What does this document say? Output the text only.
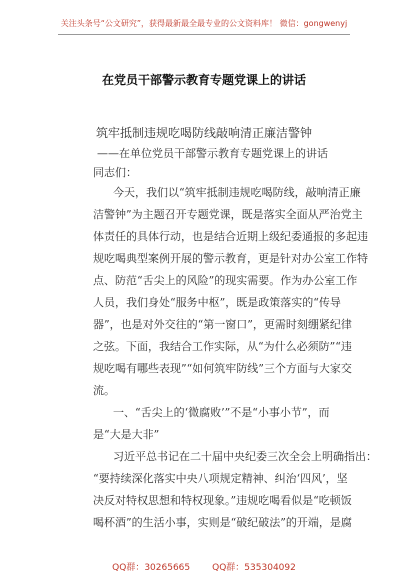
关注头条号“公文研究”，获得最新最全最专业的公文资料库！ 微信：gongwenyj
在党员干部警示教育专题党课上的讲话
筑牢抵制违规吃喝防线敲响清正廉洁警钟
——在单位党员干部警示教育专题党课上的讲话
同志们：
今天，我们以“筑牢抵制违规吃喝防线，敲响清正廉
洁警钟”为主题召开专题党课，既是落实全面从严治党主
体责任的具体行动，也是结合近期上级纪委通报的多起违
规吃喝典型案例开展的警示教育，更是针对办公室工作特
点、防范“舌尖上的风险”的现实需要。作为办公室工作
人员，我们身处“服务中枢”，既是政策落实的“传导
器”，也是对外交往的“第一窗口”，更需时刻绷紧纪律
之弦。下面，我结合工作实际，从“为什么必须防”“违
规吃喝有哪些表现”“如何筑牢防线”三个方面与大家交
流。
一、“舌尖上的‘微腐败’”不是“小事小节”，而
是“大是大非”
习近平总书记在二十届中央纪委三次全会上明确指出：
“要持续深化落实中央八项规定精神、纠治‘四风’，坚
决反对特权思想和特权现象。”违规吃喝看似是“吃顿饭
喝杯酒”的生活小事，实则是“破纪破法”的开端，是腐
QQ群：30265665 QQ群：535304092
